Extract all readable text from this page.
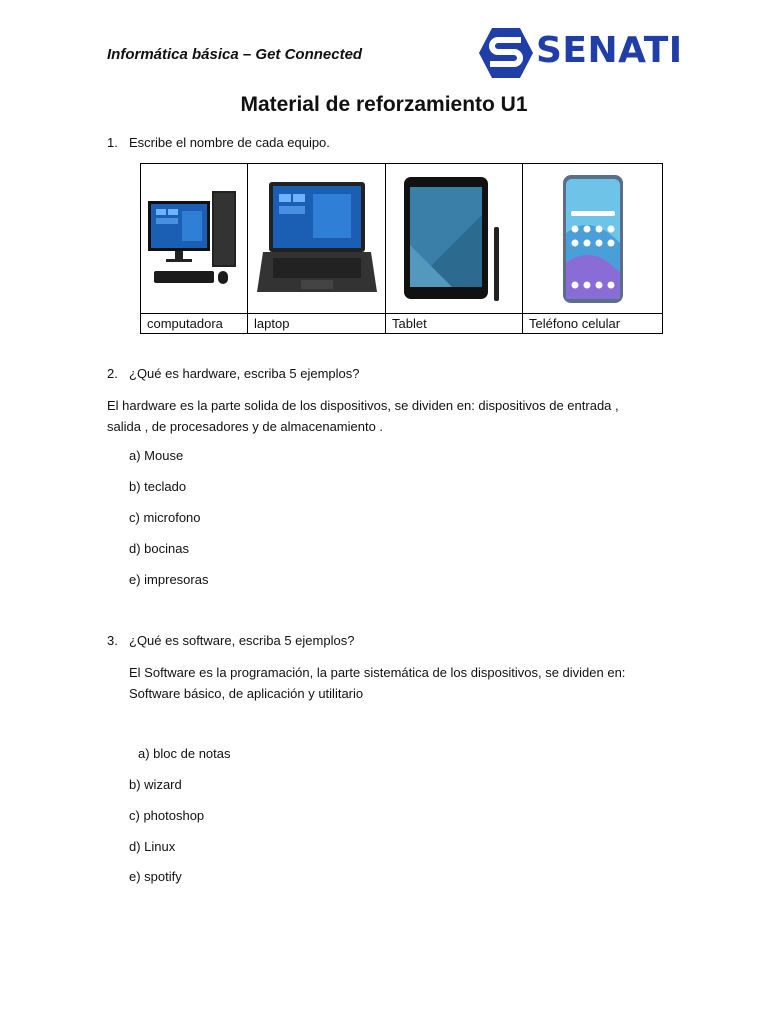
Informática básica – Get Connected	SENATI
Material de reforzamiento U1
1. Escribe el nombre de cada equipo.

computadora	laptop	Tablet	Teléfono celular
2. ¿Qué es hardware, escriba 5 ejemplos?
El hardware es la parte solida de los dispositivos, se dividen en: dispositivos de entrada ,
salida , de procesadores y de almacenamiento .
a) Mouse
b) teclado
c) microfono
d) bocinas
e) impresoras
3. ¿Qué es software, escriba 5 ejemplos?
El Software es la programación, la parte sistemática de los dispositivos, se dividen en:
Software básico, de aplicación y utilitario
a) bloc de notas
b) wizard
c) photoshop
d) Linux
e) spotify
